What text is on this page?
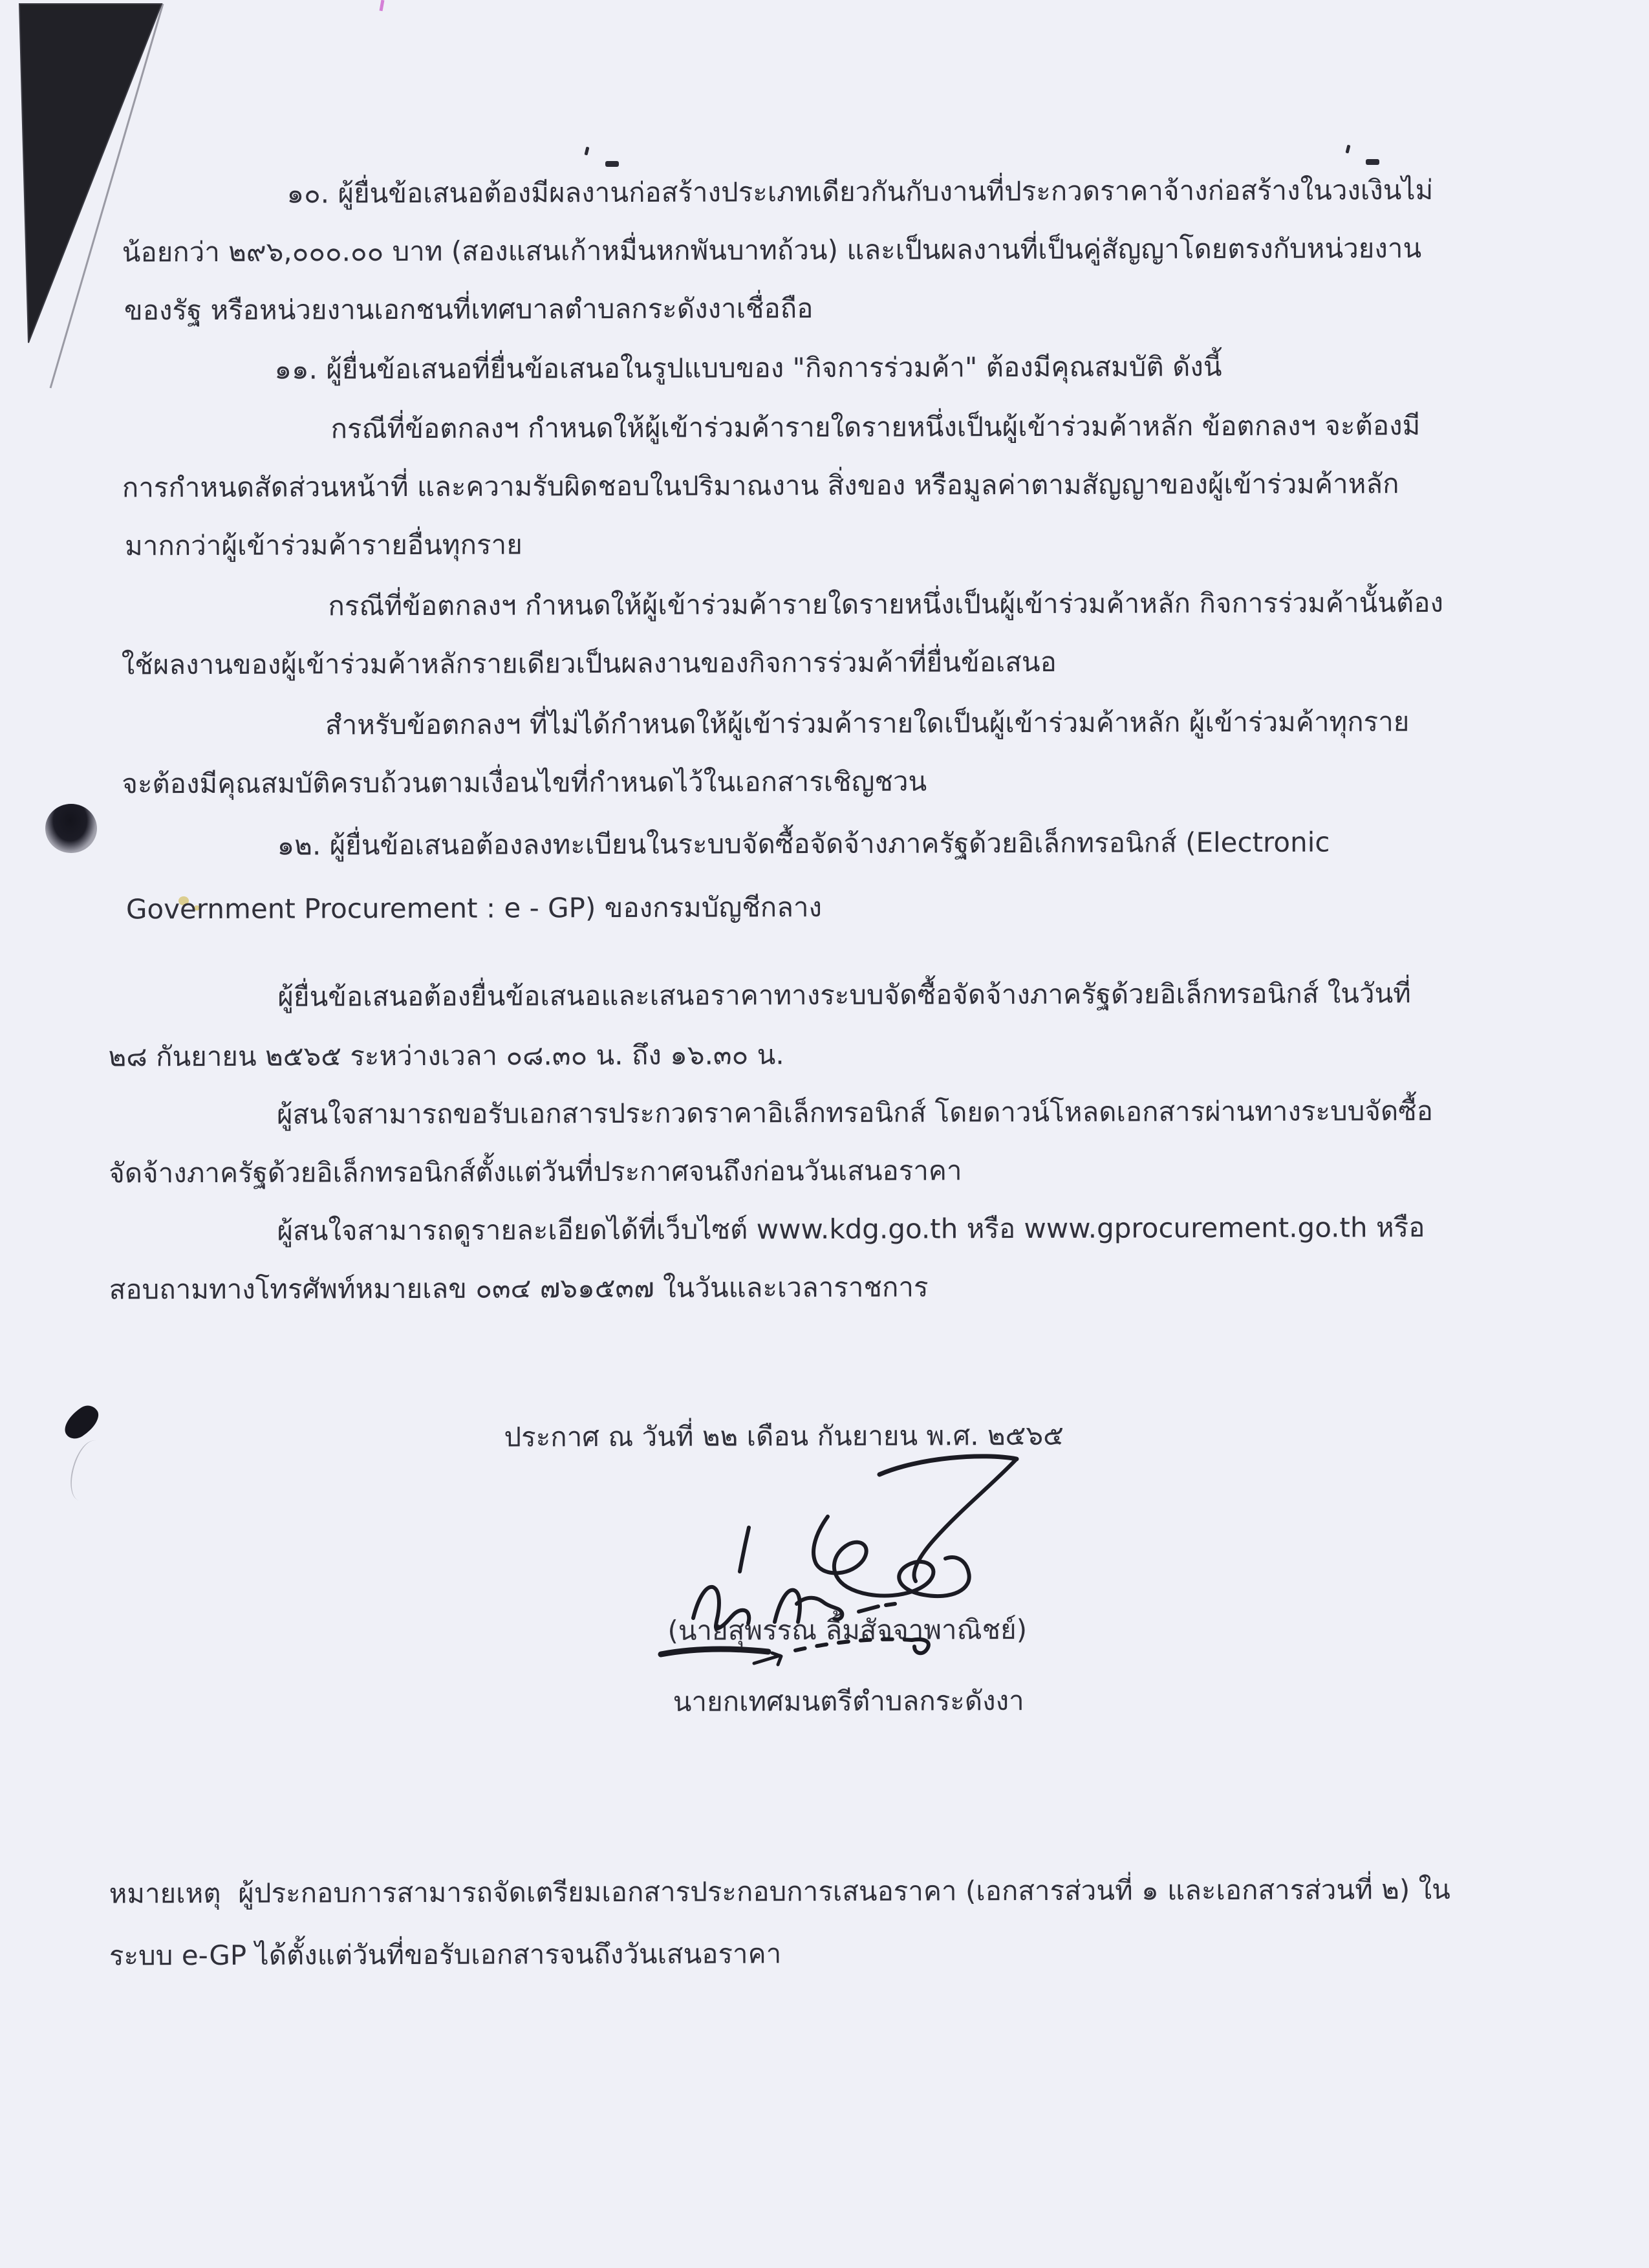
๑๐. ผู้ยื่นข้อเสนอต้องมีผลงานก่อสร้างประเภทเดียวกันกับงานที่ประกวดราคาจ้างก่อสร้างในวงเงินไม่
น้อยกว่า ๒๙๖,๐๐๐.๐๐ บาท (สองแสนเก้าหมื่นหกพันบาทถ้วน) และเป็นผลงานที่เป็นคู่สัญญาโดยตรงกับหน่วยงาน
ของรัฐ หรือหน่วยงานเอกชนที่เทศบาลตำบลกระดังงาเชื่อถือ
๑๑. ผู้ยื่นข้อเสนอที่ยื่นข้อเสนอในรูปแบบของ "กิจการร่วมค้า" ต้องมีคุณสมบัติ ดังนี้
กรณีที่ข้อตกลงฯ กำหนดให้ผู้เข้าร่วมค้ารายใดรายหนึ่งเป็นผู้เข้าร่วมค้าหลัก ข้อตกลงฯ จะต้องมี
การกำหนดสัดส่วนหน้าที่ และความรับผิดชอบในปริมาณงาน สิ่งของ หรือมูลค่าตามสัญญาของผู้เข้าร่วมค้าหลัก
มากกว่าผู้เข้าร่วมค้ารายอื่นทุกราย
กรณีที่ข้อตกลงฯ กำหนดให้ผู้เข้าร่วมค้ารายใดรายหนึ่งเป็นผู้เข้าร่วมค้าหลัก กิจการร่วมค้านั้นต้อง
ใช้ผลงานของผู้เข้าร่วมค้าหลักรายเดียวเป็นผลงานของกิจการร่วมค้าที่ยื่นข้อเสนอ
สำหรับข้อตกลงฯ ที่ไม่ได้กำหนดให้ผู้เข้าร่วมค้ารายใดเป็นผู้เข้าร่วมค้าหลัก ผู้เข้าร่วมค้าทุกราย
จะต้องมีคุณสมบัติครบถ้วนตามเงื่อนไขที่กำหนดไว้ในเอกสารเชิญชวน
๑๒. ผู้ยื่นข้อเสนอต้องลงทะเบียนในระบบจัดซื้อจัดจ้างภาครัฐด้วยอิเล็กทรอนิกส์ (Electronic
Government Procurement : e - GP) ของกรมบัญชีกลาง
ผู้ยื่นข้อเสนอต้องยื่นข้อเสนอและเสนอราคาทางระบบจัดซื้อจัดจ้างภาครัฐด้วยอิเล็กทรอนิกส์ ในวันที่
๒๘ กันยายน ๒๕๖๕ ระหว่างเวลา ๐๘.๓๐ น. ถึง ๑๖.๓๐ น.
ผู้สนใจสามารถขอรับเอกสารประกวดราคาอิเล็กทรอนิกส์ โดยดาวน์โหลดเอกสารผ่านทางระบบจัดซื้อ
จัดจ้างภาครัฐด้วยอิเล็กทรอนิกส์ตั้งแต่วันที่ประกาศจนถึงก่อนวันเสนอราคา
ผู้สนใจสามารถดูรายละเอียดได้ที่เว็บไซต์ www.kdg.go.th หรือ www.gprocurement.go.th หรือ
สอบถามทางโทรศัพท์หมายเลข ๐๓๔ ๗๖๑๕๓๗ ในวันและเวลาราชการ
ประกาศ ณ วันที่ ๒๒ เดือน กันยายน พ.ศ. ๒๕๖๕
(นายสุพรรณ ลิ้มสัจจาพาณิชย์)
นายกเทศมนตรีตำบลกระดังงา
หมายเหตุ  ผู้ประกอบการสามารถจัดเตรียมเอกสารประกอบการเสนอราคา (เอกสารส่วนที่ ๑ และเอกสารส่วนที่ ๒) ใน
ระบบ e-GP ได้ตั้งแต่วันที่ขอรับเอกสารจนถึงวันเสนอราคา
